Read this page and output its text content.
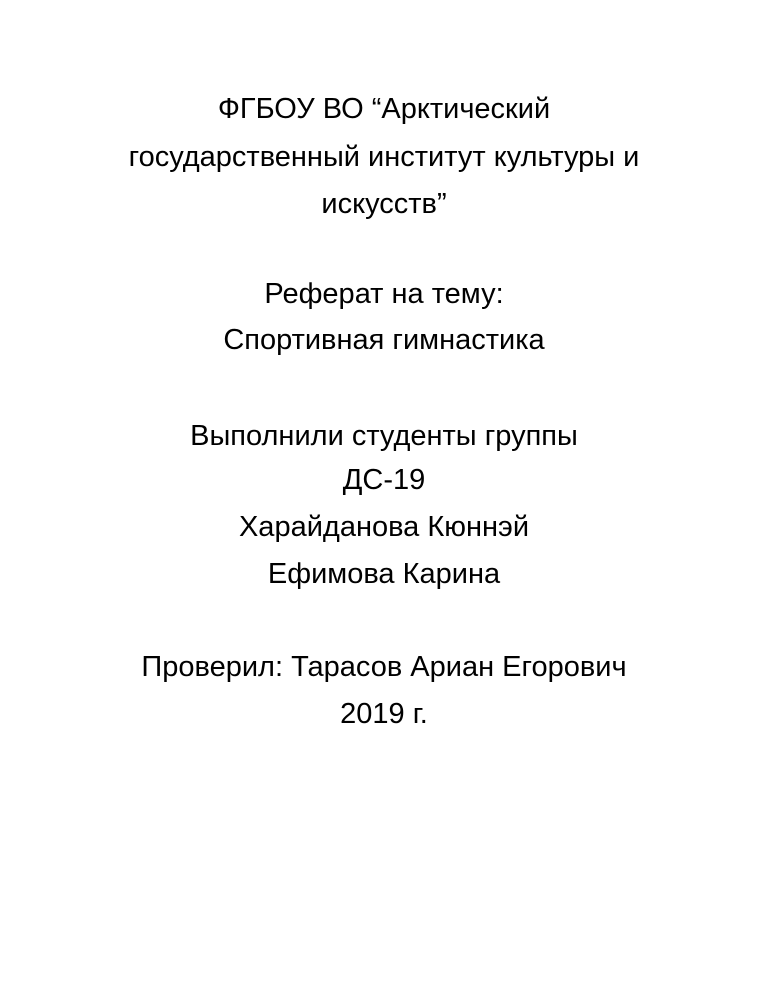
ФГБОУ ВО “Арктический
государственный институт культуры и
искусств”
Реферат на тему:
Спортивная гимнастика
Выполнили студенты группы
ДС-19
Харайданова Кюннэй
Ефимова Карина
Проверил: Тарасов Ариан Егорович
2019 г.
